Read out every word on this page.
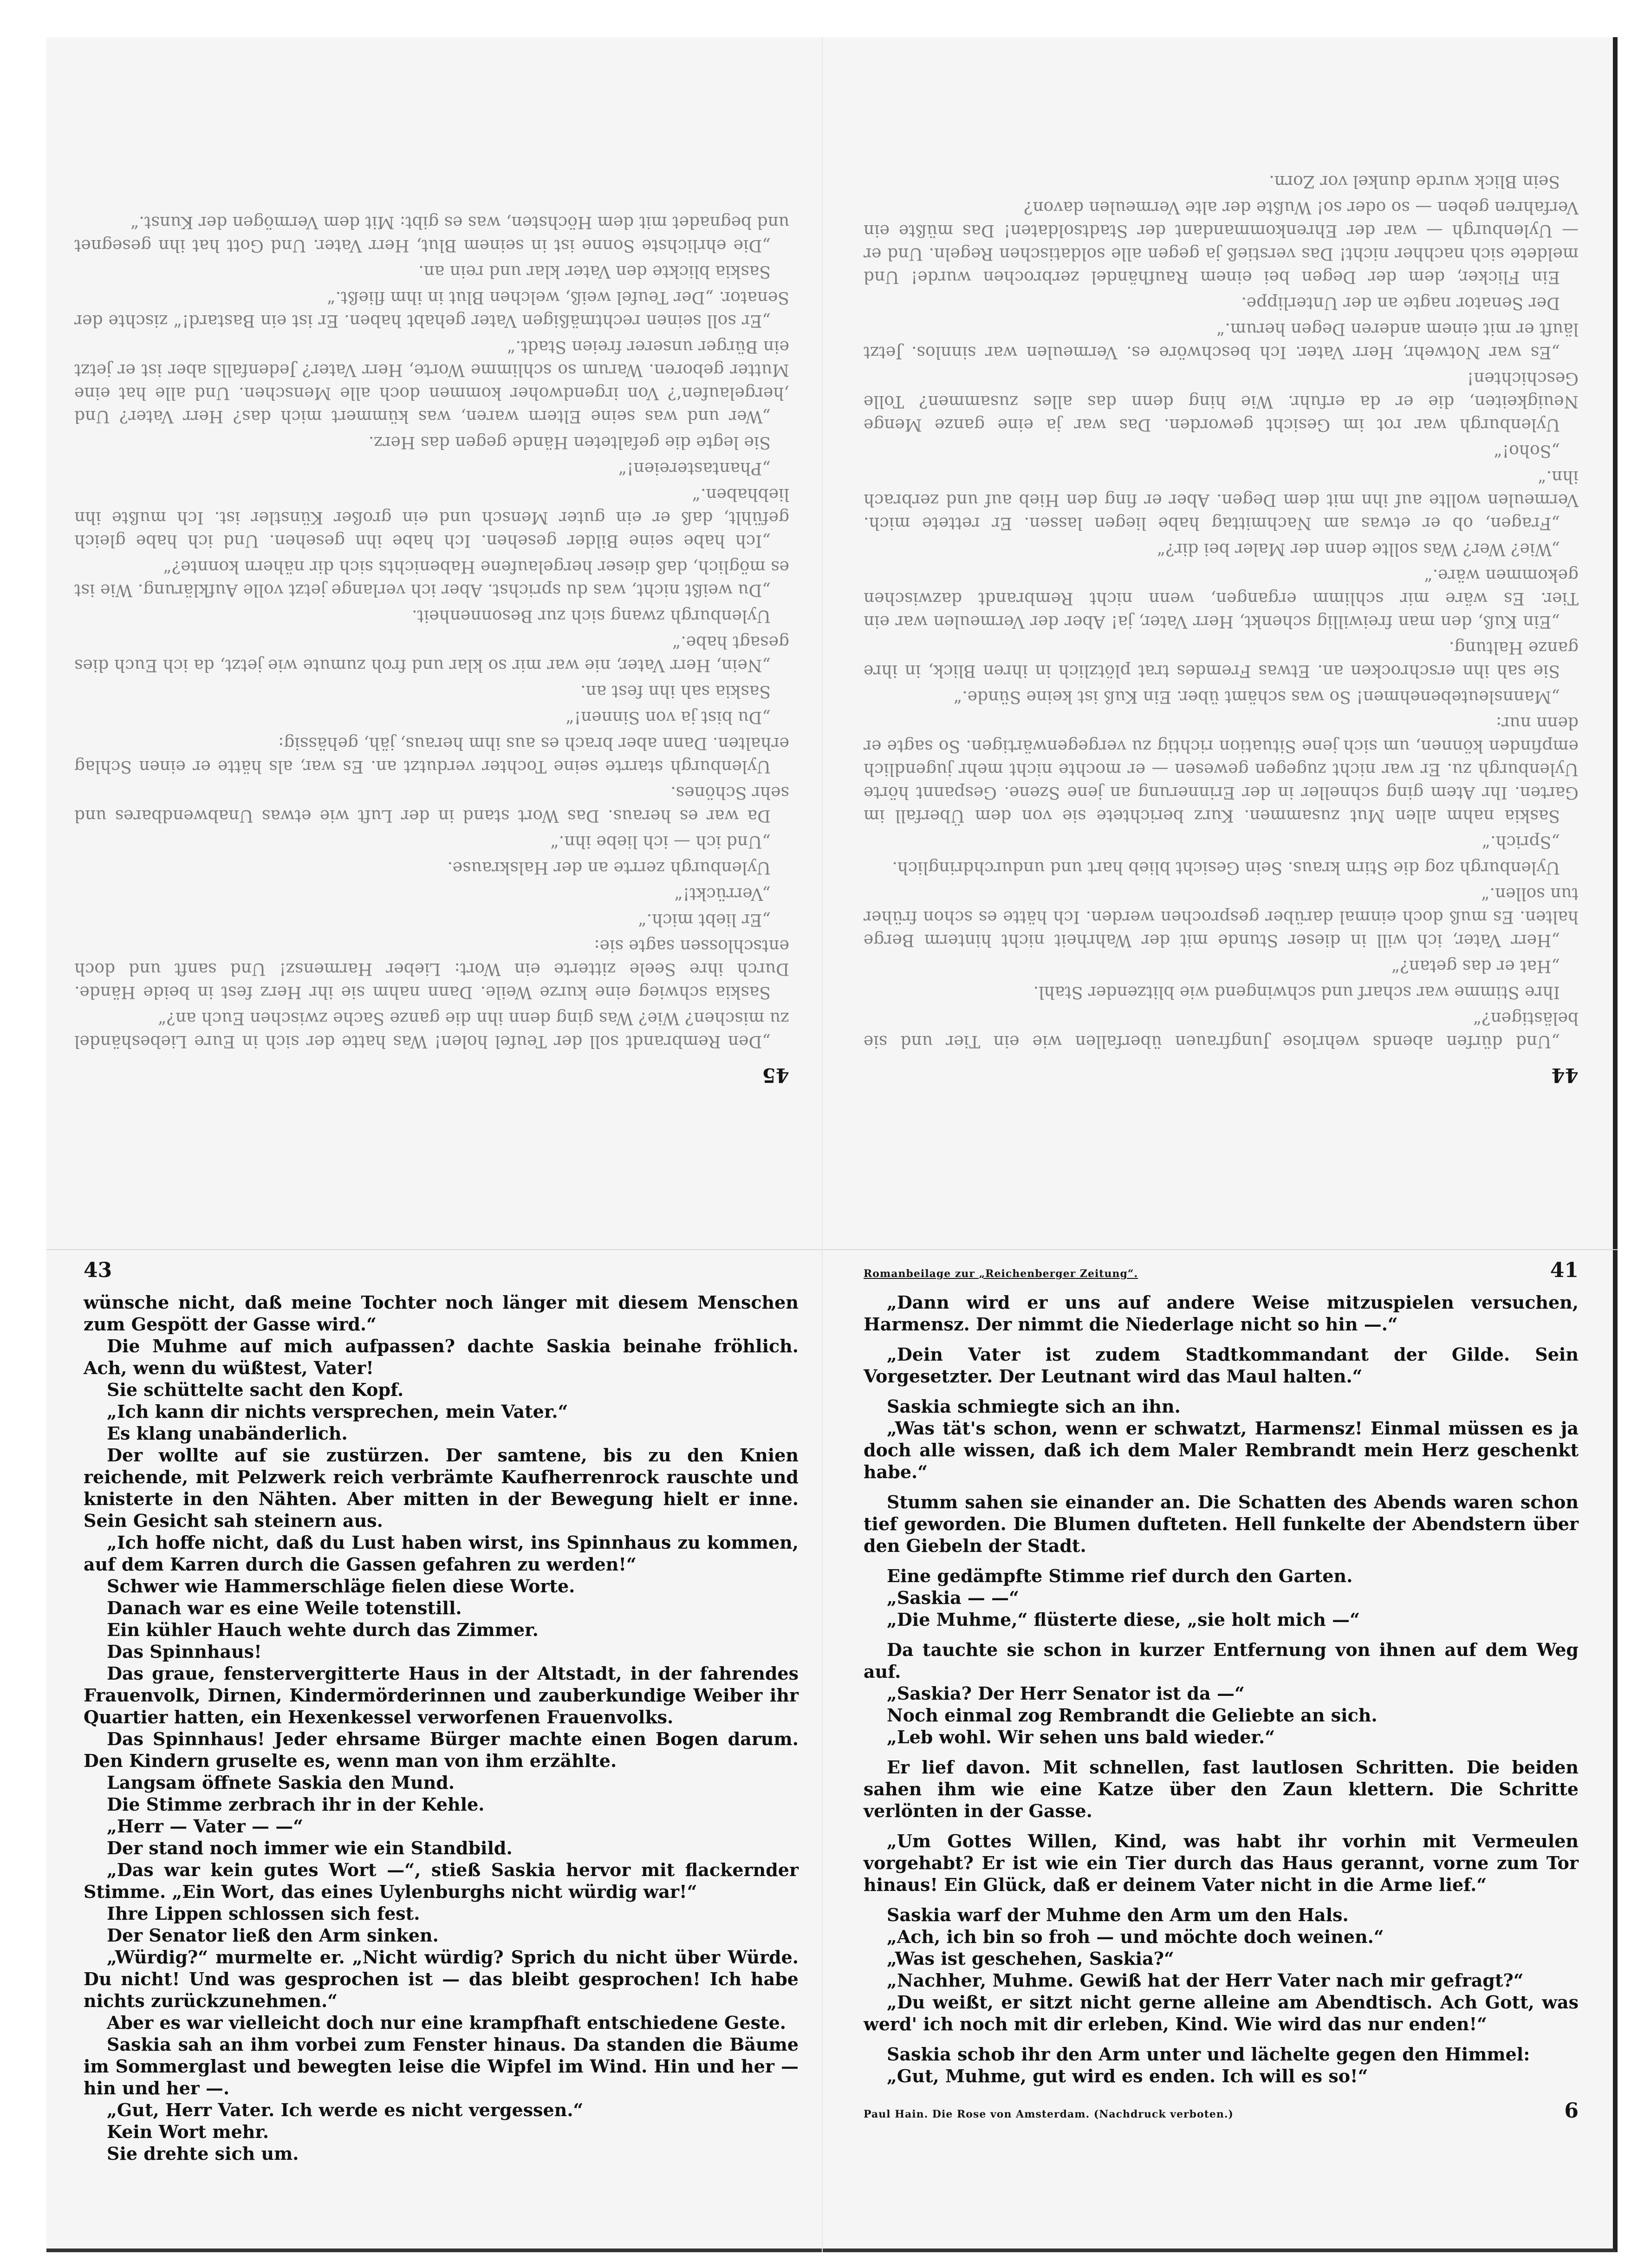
45

„Den Rembrandt soll der Teufel holen! Was hatte der sich in Eure Liebeshändel zu mischen? Wie? Was ging denn ihn die ganze Sache zwischen Euch an?“

Saskia schwieg eine kurze Weile. Dann nahm sie ihr Herz fest in beide Hände. Durch ihre Seele zitterte ein Wort: Lieber Harmensz! Und sanft und doch entschlossen sagte sie:

„Er liebt mich.“

„Verrückt!“

Uylenburgh zerrte an der Halskrause.

„Und ich — ich liebe ihn.“

Da war es heraus. Das Wort stand in der Luft wie etwas Unabwendbares und sehr Schönes.

Uylenburgh starrte seine Tochter verdutzt an. Es war, als hätte er einen Schlag erhalten. Dann aber brach es aus ihm heraus, jäh, gehässig:

„Du bist ja von Sinnen!“

Saskia sah ihn fest an.

„Nein, Herr Vater, nie war mir so klar und froh zumute wie jetzt, da ich Euch dies gesagt habe.“

Uylenburgh zwang sich zur Besonnenheit.

„Du weißt nicht, was du sprichst. Aber ich verlange jetzt volle Aufklärung. Wie ist es möglich, daß dieser hergelaufene Habenichts sich dir nähern konnte?“

„Ich habe seine Bilder gesehen. Ich habe ihn gesehen. Und ich habe gleich gefühlt, daß er ein guter Mensch und ein großer Künstler ist. Ich mußte ihn liebhaben.“

„Phantastereien!“

Sie legte die gefalteten Hände gegen das Herz.

„Wer und was seine Eltern waren, was kümmert mich das? Herr Vater? Und ‚hergelaufen‘? Von irgendwoher kommen doch alle Menschen. Und alle hat eine Mutter geboren. Warum so schlimme Worte, Herr Vater? Jedenfalls aber ist er jetzt ein Bürger unserer freien Stadt.“

„Er soll seinen rechtmäßigen Vater gehabt haben. Er ist ein Bastard!“ zischte der Senator. „Der Teufel weiß, welchen Blut in ihm fließt.“

Saskia blickte den Vater klar und rein an.

„Die ehrlichste Sonne ist in seinem Blut, Herr Vater. Und Gott hat ihn gesegnet und begnadet mit dem Höchsten, was es gibt: Mit dem Vermögen der Kunst.“

44

„Und dürfen abends wehrlose Jungfrauen überfallen wie ein Tier und sie belästigen?“

Ihre Stimme war scharf und schwingend wie blitzender Stahl.

„Hat er das getan?“

„Herr Vater, ich will in dieser Stunde mit der Wahrheit nicht hinterm Berge halten. Es muß doch einmal darüber gesprochen werden. Ich hätte es schon früher tun sollen.“

Uylenburgh zog die Stirn kraus. Sein Gesicht blieb hart und undurchdringlich.

„Sprich.“

Saskia nahm allen Mut zusammen. Kurz berichtete sie von dem Überfall im Garten. Ihr Atem ging schneller in der Erinnerung an jene Szene. Gespannt hörte Uylenburgh zu. Er war nicht zugegen gewesen — er mochte nicht mehr jugendlich empfinden können, um sich jene Situation richtig zu vergegenwärtigen. So sagte er denn nur:

„Mannsleutebenehmen! So was schämt über. Ein Kuß ist keine Sünde.“

Sie sah ihn erschrocken an. Etwas Fremdes trat plötzlich in ihren Blick, in ihre ganze Haltung.

„Ein Kuß, den man freiwillig schenkt, Herr Vater, ja! Aber der Vermeulen war ein Tier. Es wäre mir schlimm ergangen, wenn nicht Rembrandt dazwischen gekommen wäre.“

„Wie? Wer? Was sollte denn der Maler bei dir?“

„Fragen, ob er etwas am Nachmittag habe liegen lassen. Er rettete mich. Vermeulen wollte auf ihn mit dem Degen. Aber er fing den Hieb auf und zerbrach ihn.“

„Soho!“

Uylenburgh war rot im Gesicht geworden. Das war ja eine ganze Menge Neuigkeiten, die er da erfuhr. Wie hing denn das alles zusammen? Tolle Geschichten!

„Es war Notwehr, Herr Vater. Ich beschwöre es. Vermeulen war sinnlos. Jetzt läuft er mit einem anderen Degen herum.“

Der Senator nagte an der Unterlippe.

Ein Flicker, dem der Degen bei einem Raufhändel zerbrochen wurde! Und meldete sich nachher nicht! Das verstieß ja gegen alle soldatischen Regeln. Und er — Uylenburgh — war der Ehrenkommandant der Stadtsoldaten! Das müßte ein Verfahren geben — so oder so! Wußte der alte Vermeulen davon?

Sein Blick wurde dunkel vor Zorn.

43

wünsche nicht, daß meine Tochter noch länger mit diesem Menschen zum Gespött der Gasse wird.“

Die Muhme auf mich aufpassen? dachte Saskia beinahe fröhlich. Ach, wenn du wüßtest, Vater!

Sie schüttelte sacht den Kopf.

„Ich kann dir nichts versprechen, mein Vater.“

Es klang unabänderlich.

Der wollte auf sie zustürzen. Der samtene, bis zu den Knien reichende, mit Pelzwerk reich verbrämte Kaufherrenrock rauschte und knisterte in den Nähten. Aber mitten in der Bewegung hielt er inne. Sein Gesicht sah steinern aus.

„Ich hoffe nicht, daß du Lust haben wirst, ins Spinnhaus zu kommen, auf dem Karren durch die Gassen gefahren zu werden!“

Schwer wie Hammerschläge fielen diese Worte.

Danach war es eine Weile totenstill.

Ein kühler Hauch wehte durch das Zimmer.

Das Spinnhaus!

Das graue, fenstervergitterte Haus in der Altstadt, in der fahrendes Frauenvolk, Dirnen, Kindermörderinnen und zauberkundige Weiber ihr Quartier hatten, ein Hexenkessel verworfenen Frauenvolks.

Das Spinnhaus! Jeder ehrsame Bürger machte einen Bogen darum. Den Kindern gruselte es, wenn man von ihm erzählte.

Langsam öffnete Saskia den Mund.

Die Stimme zerbrach ihr in der Kehle.

„Herr — Vater — —“

Der stand noch immer wie ein Standbild.

„Das war kein gutes Wort —“, stieß Saskia hervor mit flackernder Stimme. „Ein Wort, das eines Uylenburghs nicht würdig war!“

Ihre Lippen schlossen sich fest.

Der Senator ließ den Arm sinken.

„Würdig?“ murmelte er. „Nicht würdig? Sprich du nicht über Würde. Du nicht! Und was gesprochen ist — das bleibt gesprochen! Ich habe nichts zurückzunehmen.“

Aber es war vielleicht doch nur eine krampfhaft entschiedene Geste.

Saskia sah an ihm vorbei zum Fenster hinaus. Da standen die Bäume im Sommerglast und bewegten leise die Wipfel im Wind. Hin und her — hin und her —.

„Gut, Herr Vater. Ich werde es nicht vergessen.“

Kein Wort mehr.

Sie drehte sich um.

Romanbeilage zur „Reichenberger Zeitung“.	41

„Dann wird er uns auf andere Weise mitzuspielen versuchen, Harmensz. Der nimmt die Niederlage nicht so hin —.“

„Dein Vater ist zudem Stadtkommandant der Gilde. Sein Vorgesetzter. Der Leutnant wird das Maul halten.“

Saskia schmiegte sich an ihn.

„Was tät's schon, wenn er schwatzt, Harmensz! Einmal müssen es ja doch alle wissen, daß ich dem Maler Rembrandt mein Herz geschenkt habe.“

Stumm sahen sie einander an. Die Schatten des Abends waren schon tief geworden. Die Blumen dufteten. Hell funkelte der Abendstern über den Giebeln der Stadt.

Eine gedämpfte Stimme rief durch den Garten.

„Saskia — —“

„Die Muhme,“ flüsterte diese, „sie holt mich —“

Da tauchte sie schon in kurzer Entfernung von ihnen auf dem Weg auf.

„Saskia? Der Herr Senator ist da —“

Noch einmal zog Rembrandt die Geliebte an sich.

„Leb wohl. Wir sehen uns bald wieder.“

Er lief davon. Mit schnellen, fast lautlosen Schritten. Die beiden sahen ihm wie eine Katze über den Zaun klettern. Die Schritte verlönten in der Gasse.

„Um Gottes Willen, Kind, was habt ihr vorhin mit Vermeulen vorgehabt? Er ist wie ein Tier durch das Haus gerannt, vorne zum Tor hinaus! Ein Glück, daß er deinem Vater nicht in die Arme lief.“

Saskia warf der Muhme den Arm um den Hals.

„Ach, ich bin so froh — und möchte doch weinen.“

„Was ist geschehen, Saskia?“

„Nachher, Muhme. Gewiß hat der Herr Vater nach mir gefragt?“

„Du weißt, er sitzt nicht gerne alleine am Abendtisch. Ach Gott, was werd' ich noch mit dir erleben, Kind. Wie wird das nur enden!“

Saskia schob ihr den Arm unter und lächelte gegen den Himmel:

„Gut, Muhme, gut wird es enden. Ich will es so!“

Paul Hain. Die Rose von Amsterdam. (Nachdruck verboten.)	6
